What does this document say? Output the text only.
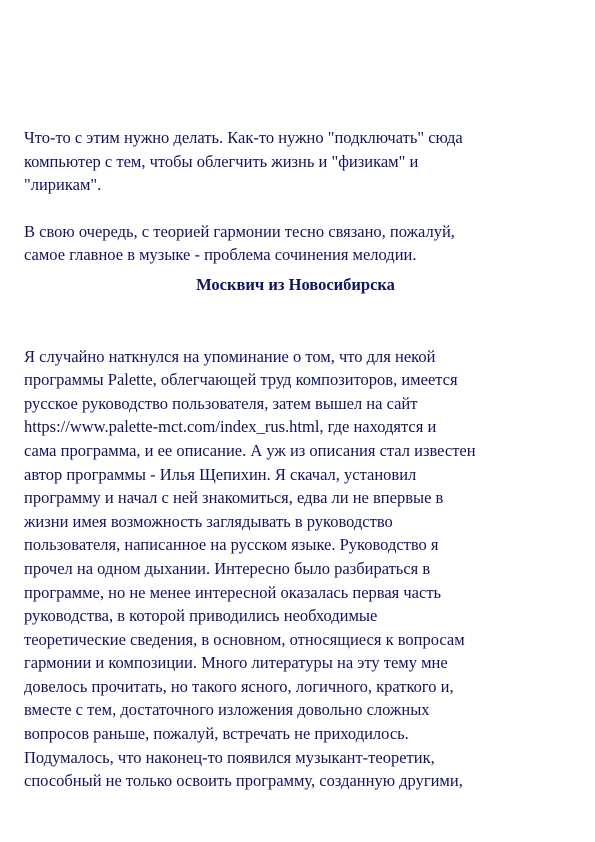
Что-то с этим нужно делать. Как-то нужно "подключать" сюда
компьютер с тем, чтобы облегчить жизнь и "физикам" и
"лирикам".

В свою очередь, с теорией гармонии тесно связано, пожалуй,
самое главное в музыке - проблема сочинения мелодии.

Москвич из Новосибирска

Я случайно наткнулся на упоминание о том, что для некой
программы Palette, облегчающей труд композиторов, имеется
русское руководство пользователя, затем вышел на сайт
https://www.palette-mct.com/index_rus.html, где находятся и
сама программа, и ее описание. А уж из описания стал известен
автор программы - Илья Щепихин. Я скачал, установил
программу и начал с ней знакомиться, едва ли не впервые в
жизни имея возможность заглядывать в руководство
пользователя, написанное на русском языке. Руководство я
прочел на одном дыхании. Интересно было разбираться в
программе, но не менее интересной оказалась первая часть
руководства, в которой приводились необходимые
теоретические сведения, в основном, относящиеся к вопросам
гармонии и композиции. Много литературы на эту тему мне
довелось прочитать, но такого ясного, логичного, краткого и,
вместе с тем, достаточного изложения довольно сложных
вопросов раньше, пожалуй, встречать не приходилось.
Подумалось, что наконец-то появился музыкант-теоретик,
способный не только освоить программу, созданную другими,
